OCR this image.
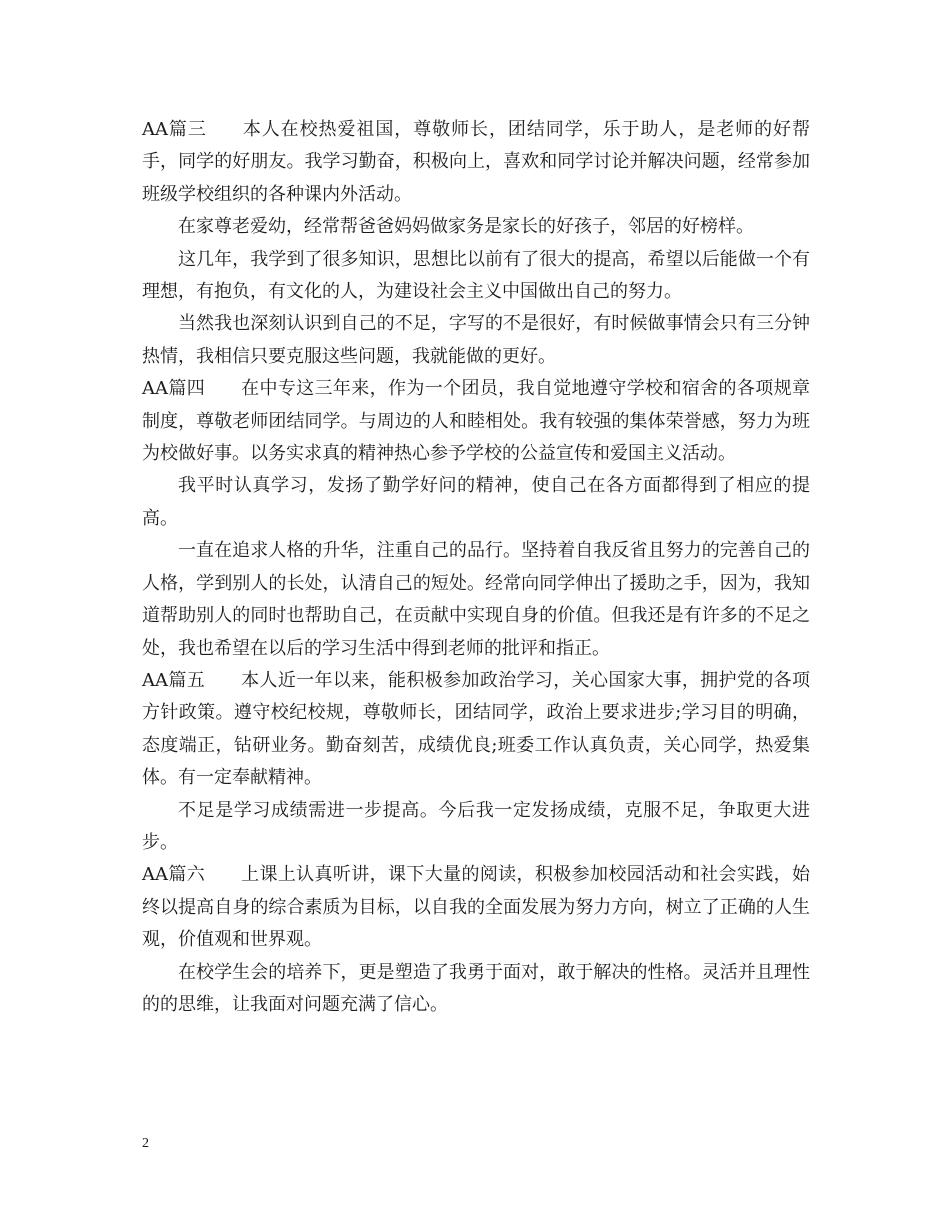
AA篇三 本人在校热爱祖国，尊敬师长，团结同学，乐于助人，是老师的好帮手，同学的好朋友。我学习勤奋，积极向上，喜欢和同学讨论并解决问题，经常参加班级学校组织的各种课内外活动。

在家尊老爱幼，经常帮爸爸妈妈做家务是家长的好孩子，邻居的好榜样。

这几年，我学到了很多知识，思想比以前有了很大的提高，希望以后能做一个有理想，有抱负，有文化的人，为建设社会主义中国做出自己的努力。

当然我也深刻认识到自己的不足，字写的不是很好，有时候做事情会只有三分钟热情，我相信只要克服这些问题，我就能做的更好。

AA篇四 在中专这三年来，作为一个团员，我自觉地遵守学校和宿舍的各项规章制度，尊敬老师团结同学。与周边的人和睦相处。我有较强的集体荣誉感，努力为班为校做好事。以务实求真的精神热心参予学校的公益宣传和爱国主义活动。

我平时认真学习，发扬了勤学好问的精神，使自己在各方面都得到了相应的提高。

一直在追求人格的升华，注重自己的品行。坚持着自我反省且努力的完善自己的人格，学到别人的长处，认清自己的短处。经常向同学伸出了援助之手，因为，我知道帮助别人的同时也帮助自己，在贡献中实现自身的价值。但我还是有许多的不足之处，我也希望在以后的学习生活中得到老师的批评和指正。

AA篇五 本人近一年以来，能积极参加政治学习，关心国家大事，拥护党的各项方针政策。遵守校纪校规，尊敬师长，团结同学，政治上要求进步;学习目的明确，态度端正，钻研业务。勤奋刻苦，成绩优良;班委工作认真负责，关心同学，热爱集体。有一定奉献精神。

不足是学习成绩需进一步提高。今后我一定发扬成绩，克服不足，争取更大进步。

AA篇六 上课上认真听讲，课下大量的阅读，积极参加校园活动和社会实践，始终以提高自身的综合素质为目标，以自我的全面发展为努力方向，树立了正确的人生观，价值观和世界观。

在校学生会的培养下，更是塑造了我勇于面对，敢于解决的性格。灵活并且理性的的思维，让我面对问题充满了信心。

2
